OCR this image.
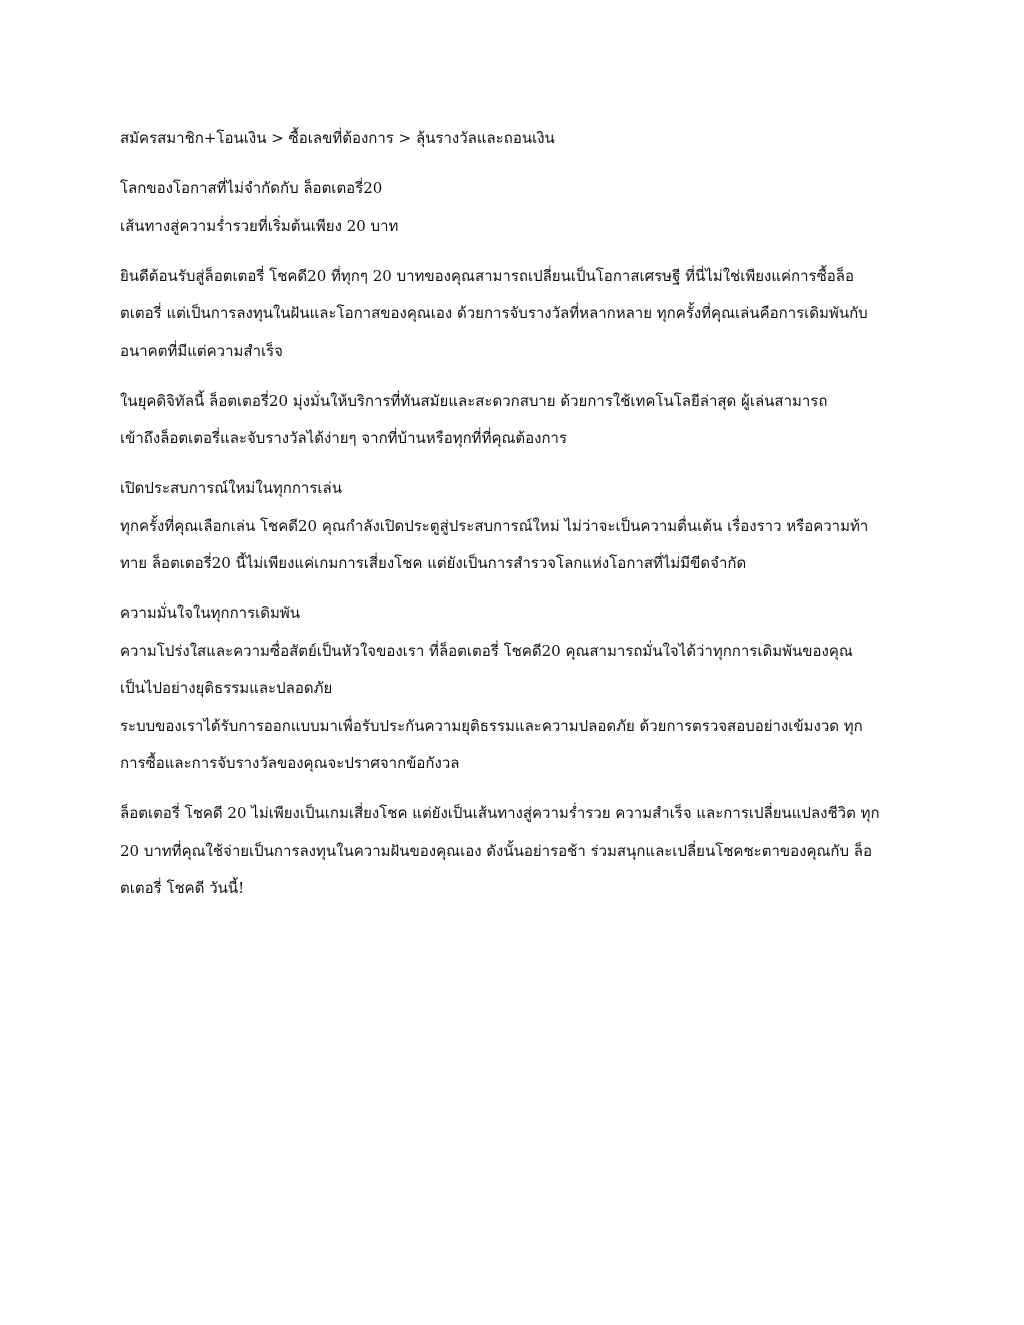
สมัครสมาชิก+โอนเงิน > ซื้อเลขที่ต้องการ > ลุ้นรางวัลและถอนเงิน

โลกของโอกาสที่ไม่จำกัดกับ ล็อตเตอรี่20

เส้นทางสู่ความร่ำรวยที่เริ่มต้นเพียง 20 บาท

ยินดีต้อนรับสู่ล็อตเตอรี่ โชคดี20 ที่ทุกๆ 20 บาทของคุณสามารถเปลี่ยนเป็นโอกาสเศรษฐี ที่นี่ไม่ใช่เพียงแค่การซื้อล็อ

ตเตอรี่ แต่เป็นการลงทุนในฝันและโอกาสของคุณเอง ด้วยการจับรางวัลที่หลากหลาย ทุกครั้งที่คุณเล่นคือการเดิมพันกับ

อนาคตที่มีแต่ความสำเร็จ

ในยุคดิจิทัลนี้ ล็อตเตอรี่20 มุ่งมั่นให้บริการที่ทันสมัยและสะดวกสบาย ด้วยการใช้เทคโนโลยีล่าสุด ผู้เล่นสามารถ

เข้าถึงล็อตเตอรี่และจับรางวัลได้ง่ายๆ จากที่บ้านหรือทุกที่ที่คุณต้องการ

เปิดประสบการณ์ใหม่ในทุกการเล่น

ทุกครั้งที่คุณเลือกเล่น โชคดี20 คุณกำลังเปิดประตูสู่ประสบการณ์ใหม่ ไม่ว่าจะเป็นความตื่นเต้น เรื่องราว หรือความท้า

ทาย ล็อตเตอรี่20 นี้ไม่เพียงแค่เกมการเสี่ยงโชค แต่ยังเป็นการสำรวจโลกแห่งโอกาสที่ไม่มีขีดจำกัด

ความมั่นใจในทุกการเดิมพัน

ความโปร่งใสและความซื่อสัตย์เป็นหัวใจของเรา ที่ล็อตเตอรี่ โชคดี20 คุณสามารถมั่นใจได้ว่าทุกการเดิมพันของคุณ

เป็นไปอย่างยุติธรรมและปลอดภัย

ระบบของเราได้รับการออกแบบมาเพื่อรับประกันความยุติธรรมและความปลอดภัย ด้วยการตรวจสอบอย่างเข้มงวด ทุก

การซื้อและการจับรางวัลของคุณจะปราศจากข้อกังวล

ล็อตเตอรี่ โชคดี 20 ไม่เพียงเป็นเกมเสี่ยงโชค แต่ยังเป็นเส้นทางสู่ความร่ำรวย ความสำเร็จ และการเปลี่ยนแปลงชีวิต ทุก

20 บาทที่คุณใช้จ่ายเป็นการลงทุนในความฝันของคุณเอง ดังนั้นอย่ารอช้า ร่วมสนุกและเปลี่ยนโชคชะตาของคุณกับ ล็อ

ตเตอรี่ โชคดี วันนี้!
